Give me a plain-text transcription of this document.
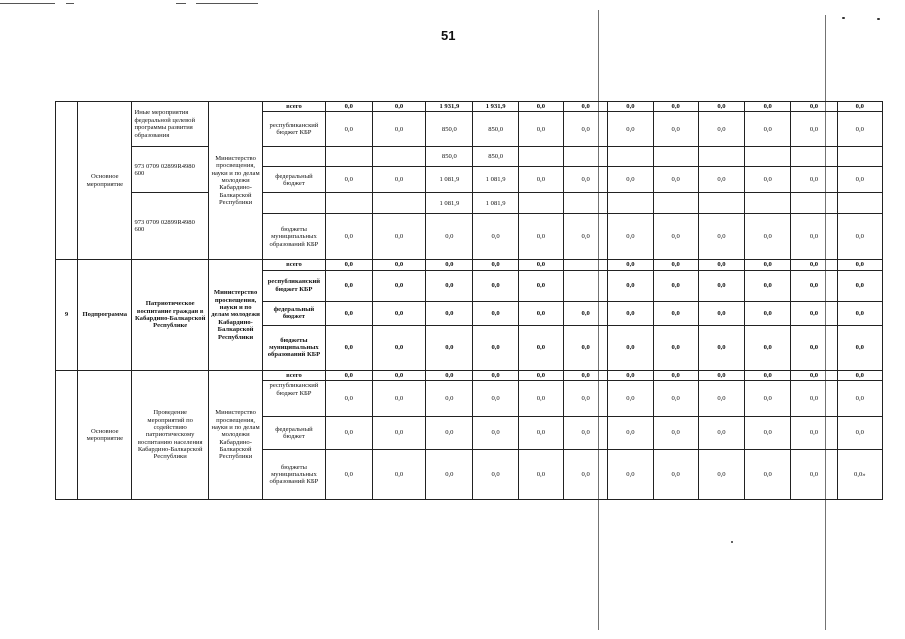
51
	Основное мероприятие	Иные мероприятия федеральной целевой программы развития образования	Министерство просвещения, науки и по делам молодежи Кабардино-Балкарской Республики	всего	0,0	0,0	1 931,9	1 931,9	0,0	0,0	0,0	0,0	0,0	0,0	0,0	0,0
				республиканский бюджет КБР	0,0	0,0	850,0	850,0	0,0	0,0	0,0	0,0	0,0	0,0	0,0	0,0
		973 0709 02899R4980 600					850,0	850,0								
				федеральный бюджет	0,0	0,0	1 081,9	1 081,9	0,0	0,0	0,0	0,0	0,0	0,0	0,0	0,0
		973 0709 02899R4980 600					1 081,9	1 081,9								
				бюджеты муниципальных образований КБР	0,0	0,0	0,0	0,0	0,0	0,0	0,0	0,0	0,0	0,0	0,0	0,0
9	Подпрограмма	Патриотическое воспитание граждан в Кабардино-Балкарской Республике	Министерство просвещения, науки и по делам молодежи Кабардино-Балкарской Республики	всего	0,0	0,0	0,0	0,0	0,0		0,0	0,0	0,0	0,0	0,0	0,0
				республиканский бюджет КБР	0,0	0,0	0,0	0,0	0,0		0,0	0,0	0,0	0,0	0,0	0,0
				федеральный бюджет	0,0	0,0	0,0	0,0	0,0	0,0	0,0	0,0	0,0	0,0	0,0	0,0
				бюджеты муниципальных образований КБР	0,0	0,0	0,0	0,0	0,0	0,0	0,0	0,0	0,0	0,0	0,0	0,0
	Основное мероприятие	Проведение мероприятий по содействию патриотическому воспитанию населения Кабардино-Балкарской Республики	Министерство просвещения, науки и по делам молодежи Кабардино-Балкарской Республики	всего	0,0	0,0	0,0	0,0	0,0	0,0	0,0	0,0	0,0	0,0	0,0	0,0
				республиканский бюджет КБР	0,0	0,0	0,0	0,0	0,0	0,0	0,0	0,0	0,0	0,0	0,0	0,0
				федеральный бюджет	0,0	0,0	0,0	0,0	0,0	0,0	0,0	0,0	0,0	0,0	0,0	0,0
				бюджеты муниципальных образований КБР	0,0	0,0	0,0	0,0	0,0	0,0	0,0	0,0	0,0	0,0	0,0	0,0»
